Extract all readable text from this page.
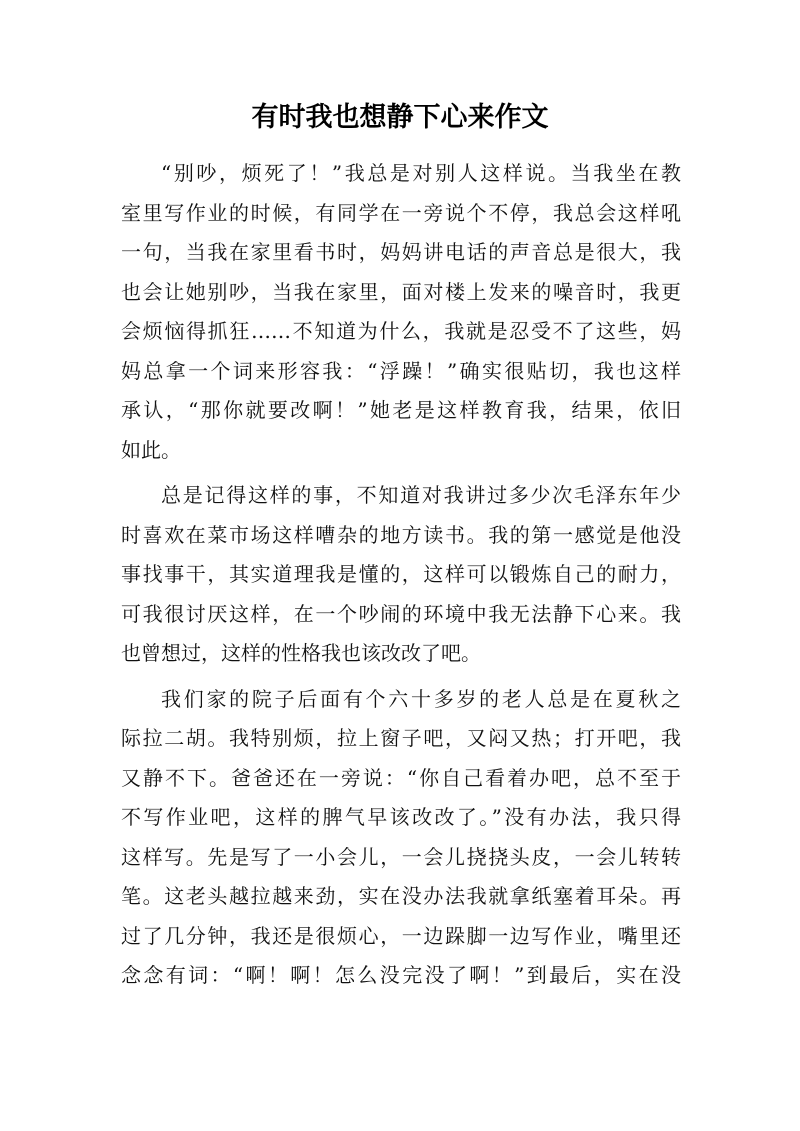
有时我也想静下心来作文
“别吵，烦死了！”我总是对别人这样说。当我坐在教
室里写作业的时候，有同学在一旁说个不停，我总会这样吼
一句，当我在家里看书时，妈妈讲电话的声音总是很大，我
也会让她别吵，当我在家里，面对楼上发来的噪音时，我更
会烦恼得抓狂……不知道为什么，我就是忍受不了这些，妈
妈总拿一个词来形容我：“浮躁！”确实很贴切，我也这样
承认，“那你就要改啊！”她老是这样教育我，结果，依旧
如此。
总是记得这样的事，不知道对我讲过多少次毛泽东年少
时喜欢在菜市场这样嘈杂的地方读书。我的第一感觉是他没
事找事干，其实道理我是懂的，这样可以锻炼自己的耐力，
可我很讨厌这样，在一个吵闹的环境中我无法静下心来。我
也曾想过，这样的性格我也该改改了吧。
我们家的院子后面有个六十多岁的老人总是在夏秋之
际拉二胡。我特别烦，拉上窗子吧，又闷又热；打开吧，我
又静不下。爸爸还在一旁说：“你自己看着办吧，总不至于
不写作业吧，这样的脾气早该改改了。”没有办法，我只得
这样写。先是写了一小会儿，一会儿挠挠头皮，一会儿转转
笔。这老头越拉越来劲，实在没办法我就拿纸塞着耳朵。再
过了几分钟，我还是很烦心，一边跺脚一边写作业，嘴里还
念念有词：“啊！啊！怎么没完没了啊！”到最后，实在没
